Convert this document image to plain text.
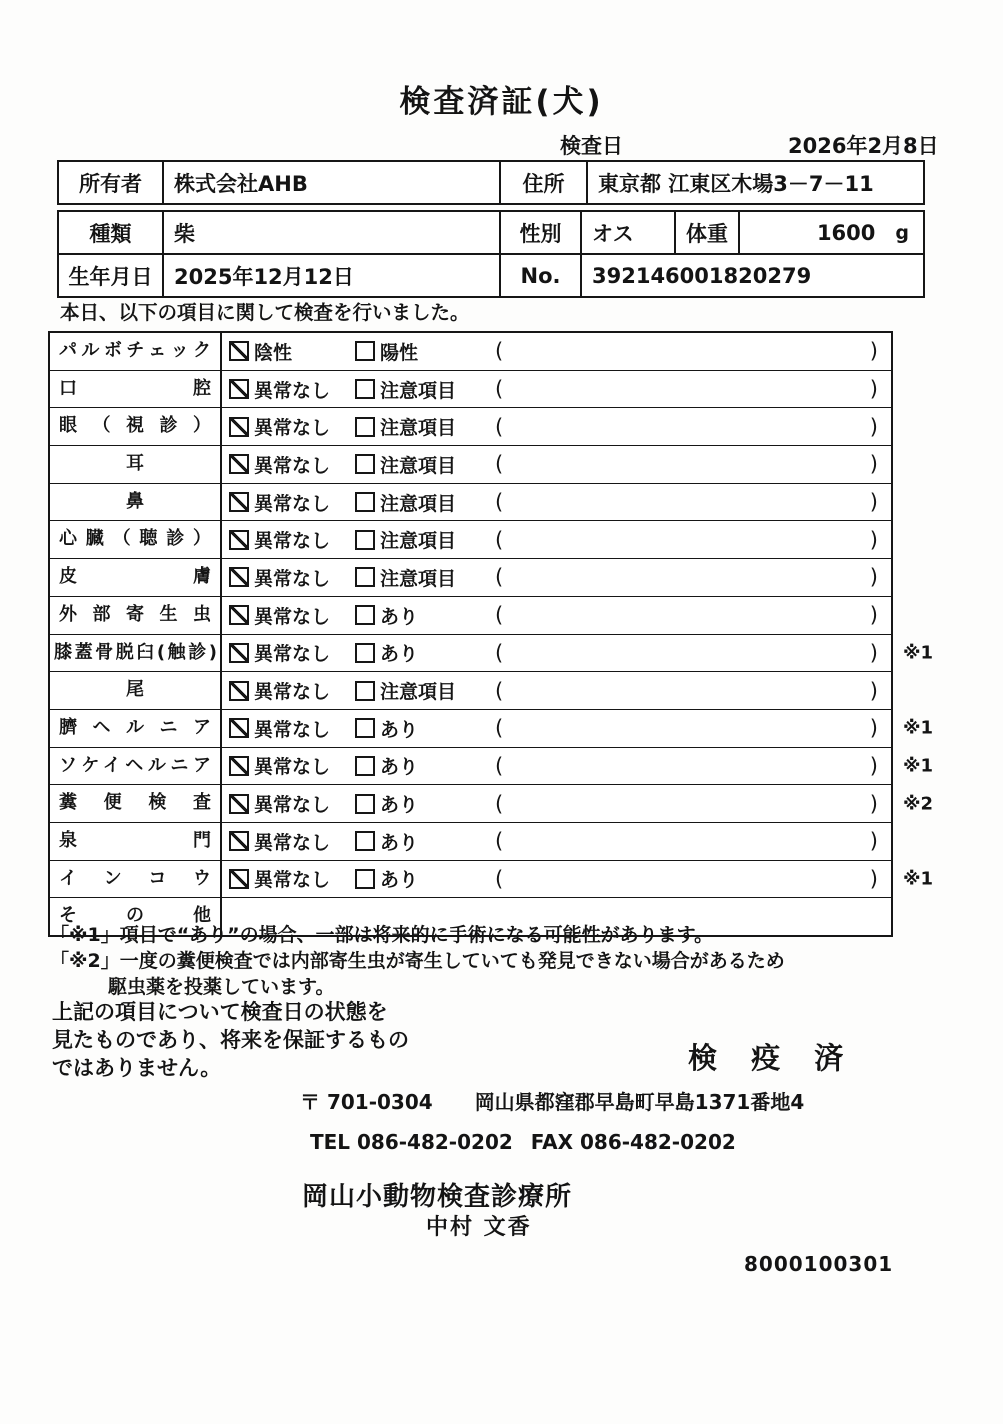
検査済証(犬)
検査日	2026年2月8日
所有者	株式会社AHB	住所	東京都 江東区木場3－7－11
種類	柴	性別	オス	体重	1600 g
生年月日	2025年12月12日	No.	392146001820279
本日、以下の項目に関して検査を行いました。
パルボチェック	陰性	陽性	(	)
口腔	異常なし	注意項目 (	)
眼（視診）	異常なし	注意項目 (	)
耳	異常なし	注意項目 (	)
鼻	異常なし	注意項目 (	)
心臓（聴診）	異常なし	注意項目 (	)
皮膚	異常なし	注意項目 (	)
外部寄生虫	異常なし	あり	(	)
膝蓋骨脱臼(触診)	異常なし	あり	(	) ※1
尾	異常なし	注意項目 (	)
臍ヘルニア	異常なし	あり	(	) ※1
ソケイヘルニア	異常なし	あり	(	) ※1
糞便検査	異常なし	あり	(	) ※2
泉門	異常なし	あり	(	)
インコウ	異常なし	あり	(	) ※1
その他
「※1」項目で“あり”の場合、一部は将来的に手術になる可能性があります。
「※2」一度の糞便検査では内部寄生虫が寄生していても発見できない場合があるため
駆虫薬を投薬しています。
上記の項目について検査日の状態を
見たものであり、将来を保証するもの
ではありません。	検 疫 済
〒 701-0304 岡山県都窪郡早島町早島1371番地4
TEL 086-482-0202 FAX 086-482-0202
岡山小動物検査診療所
中村 文香
8000100301
